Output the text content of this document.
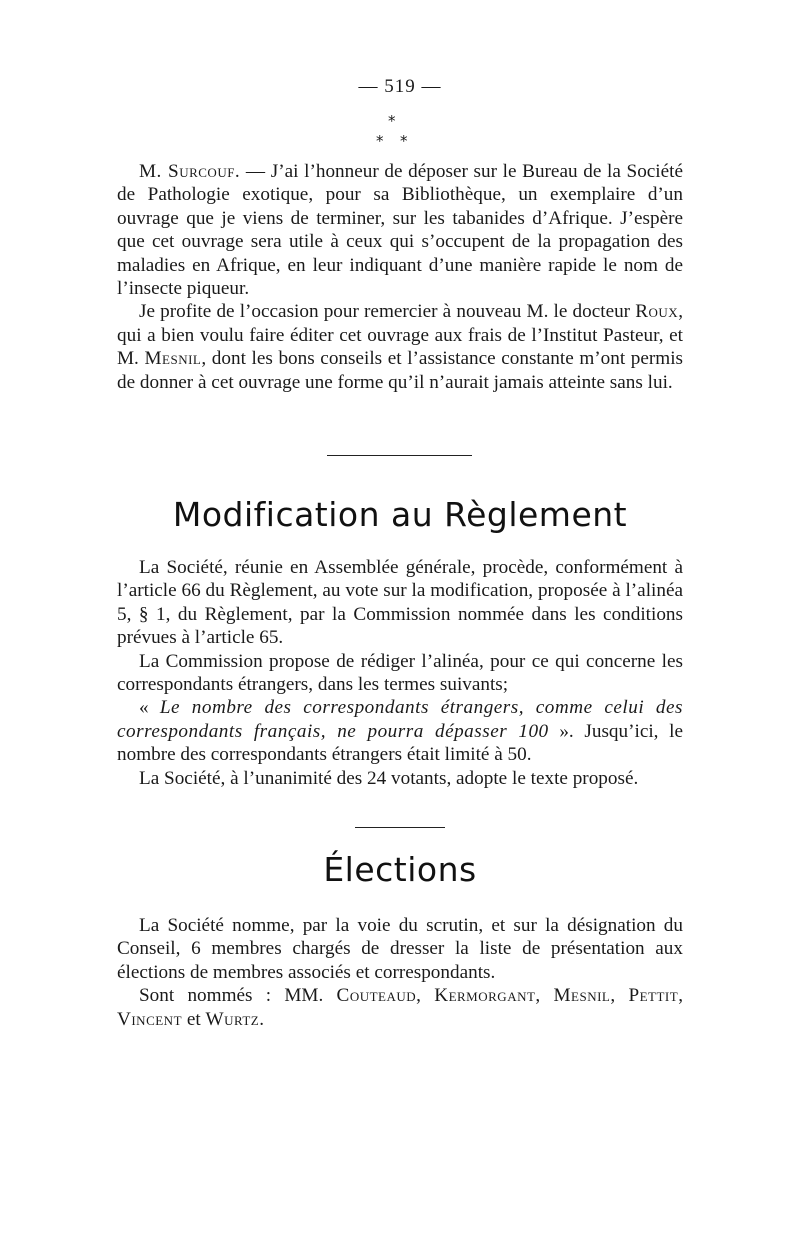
— 519 —
*
* *

M. Surcouf. — J’ai l’honneur de déposer sur le Bureau de la Société de Pathologie exotique, pour sa Bibliothèque, un exemplaire d’un ouvrage que je viens de terminer, sur les tabanides d’Afrique. J’espère que cet ouvrage sera utile à ceux qui s’occupent de la propagation des maladies en Afrique, en leur indiquant d’une manière rapide le nom de l’insecte piqueur.

Je profite de l’occasion pour remercier à nouveau M. le docteur Roux, qui a bien voulu faire éditer cet ouvrage aux frais de l’Institut Pasteur, et M. Mesnil, dont les bons conseils et l’assistance constante m’ont permis de donner à cet ouvrage une forme qu’il n’aurait jamais atteinte sans lui.

Modification au Règlement

La Société, réunie en Assemblée générale, procède, conformément à l’article 66 du Règlement, au vote sur la modification, proposée à l’alinéa 5, § 1, du Règlement, par la Commission nommée dans les conditions prévues à l’article 65.

La Commission propose de rédiger l’alinéa, pour ce qui concerne les correspondants étrangers, dans les termes suivants;

« Le nombre des correspondants étrangers, comme celui des correspondants français, ne pourra dépasser 100 ». Jusqu’ici, le nombre des correspondants étrangers était limité à 50.

La Société, à l’unanimité des 24 votants, adopte le texte proposé.

Élections

La Société nomme, par la voie du scrutin, et sur la désignation du Conseil, 6 membres chargés de dresser la liste de présentation aux élections de membres associés et correspondants.

Sont nommés : MM. Couteaud, Kermorgant, Mesnil, Pettit, Vincent et Wurtz.
